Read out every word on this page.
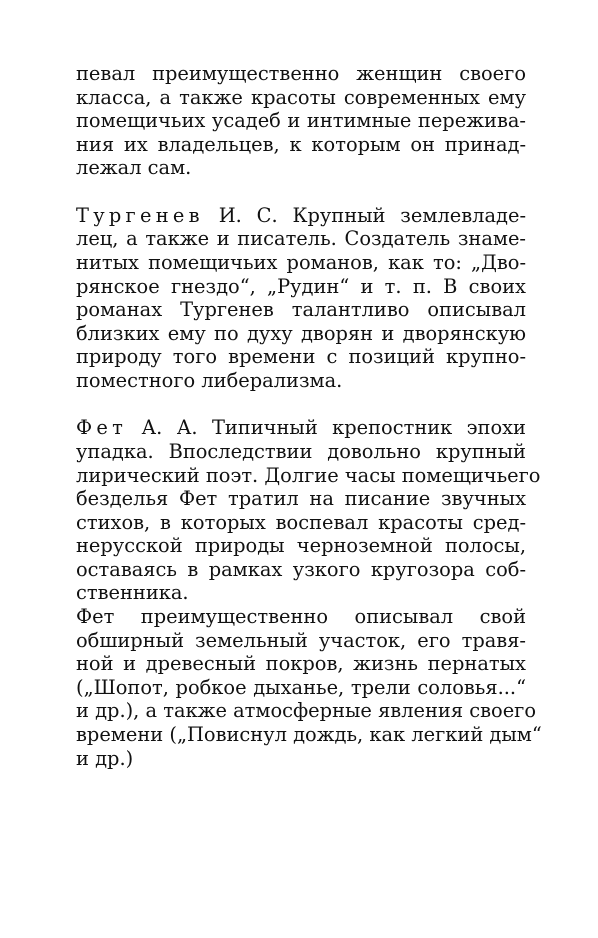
певал преимущественно женщин своего
класса, а также красоты современных ему
помещичьих усадеб и интимные пережива-
ния их владельцев, к которым он принад-
лежал сам.
Тургенев И. С. Крупный землевладе-
лец, а также и писатель. Создатель знаме-
нитых помещичьих романов, как то: „Дво-
рянское гнездо“, „Рудин“ и т. п. В своих
романах Тургенев талантливо описывал
близких ему по духу дворян и дворянскую
природу того времени с позиций крупно-
поместного либерализма.
Фет А. А. Типичный крепостник эпохи
упадка. Впоследствии довольно крупный
лирический поэт. Долгие часы помещичьего
безделья Фет тратил на писание звучных
стихов, в которых воспевал красоты сред-
нерусской природы черноземной полосы,
оставаясь в рамках узкого кругозора соб-
ственника.
Фет преимущественно описывал свой
обширный земельный участок, его травя-
ной и древесный покров, жизнь пернатых
(„Шопот, робкое дыханье, трели соловья...“
и др.), а также атмосферные явления своего
времени („Повиснул дождь, как легкий дым“
и др.)
